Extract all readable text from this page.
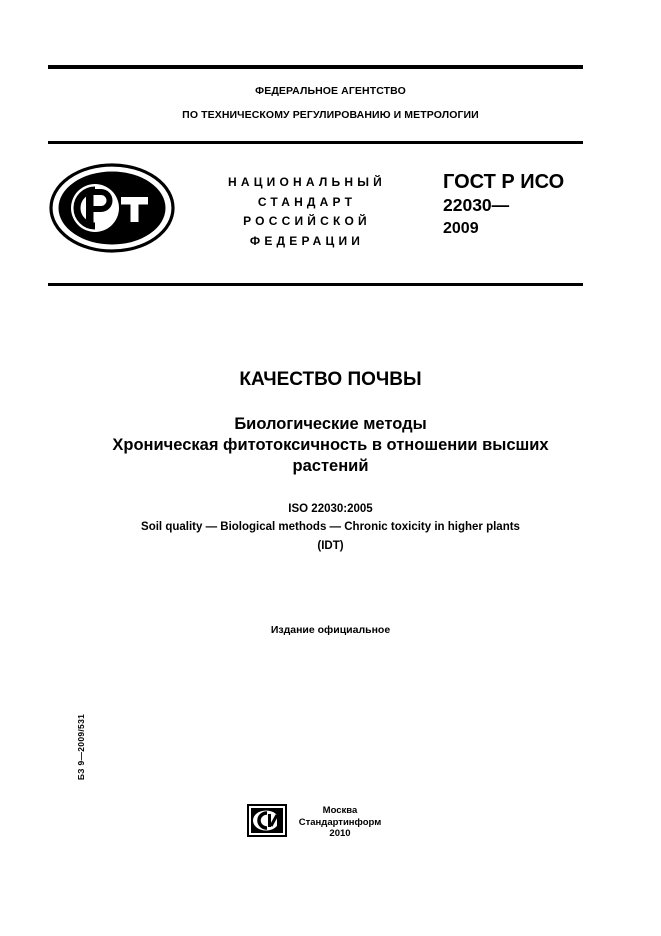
ФЕДЕРАЛЬНОЕ АГЕНТСТВО
ПО ТЕХНИЧЕСКОМУ РЕГУЛИРОВАНИЮ И МЕТРОЛОГИИ
НАЦИОНАЛЬНЫЙ
СТАНДАРТ
РОССИЙСКОЙ
ФЕДЕРАЦИИ
ГОСТ Р ИСО
22030—
2009
КАЧЕСТВО ПОЧВЫ
Биологические методы
Хроническая фитотоксичность в отношении высших
растений
ISO 22030:2005
Soil quality — Biological methods — Chronic toxicity in higher plants
(IDT)
Издание официальное
БЗ 9—2009/531
Москва
Стандартинформ
2010
